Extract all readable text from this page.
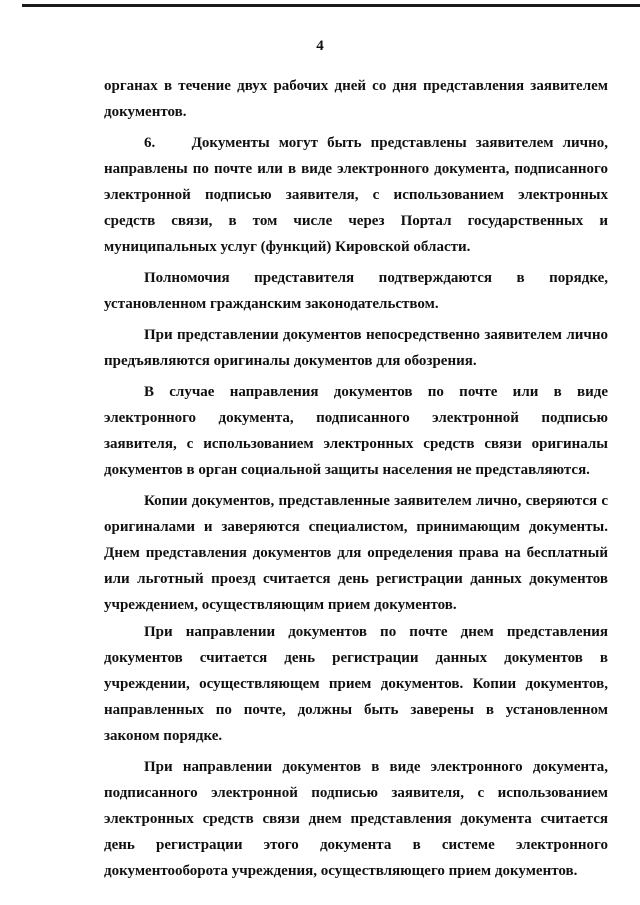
4

органах в течение двух рабочих дней со дня представления заявителем документов.

6.    Документы могут быть представлены заявителем лично, направлены по почте или в виде электронного документа, подписанного электронной подписью заявителя, с использованием электронных средств связи, в том числе через Портал государственных и муниципальных услуг (функций) Кировской области.

Полномочия представителя подтверждаются в порядке, установленном гражданским законодательством.

При представлении документов непосредственно заявителем лично предъявляются оригиналы документов для обозрения.

В случае направления документов по почте или в виде электронного документа, подписанного электронной подписью заявителя, с использованием электронных средств связи оригиналы документов в орган социальной защиты населения не представляются.

Копии документов, представленные заявителем лично, сверяются с оригиналами и заверяются специалистом, принимающим документы. Днем представления документов для определения права на бесплатный или льготный проезд считается день регистрации данных документов учреждением, осуществляющим прием документов.

При направлении документов по почте днем представления документов считается день регистрации данных документов в учреждении, осуществляющем прием документов. Копии документов, направленных по почте, должны быть заверены в установленном законом порядке.

При направлении документов в виде электронного документа, подписанного электронной подписью заявителя, с использованием электронных средств связи днем представления документа считается день регистрации этого документа в системе электронного документооборота учреждения, осуществляющего прием документов.
